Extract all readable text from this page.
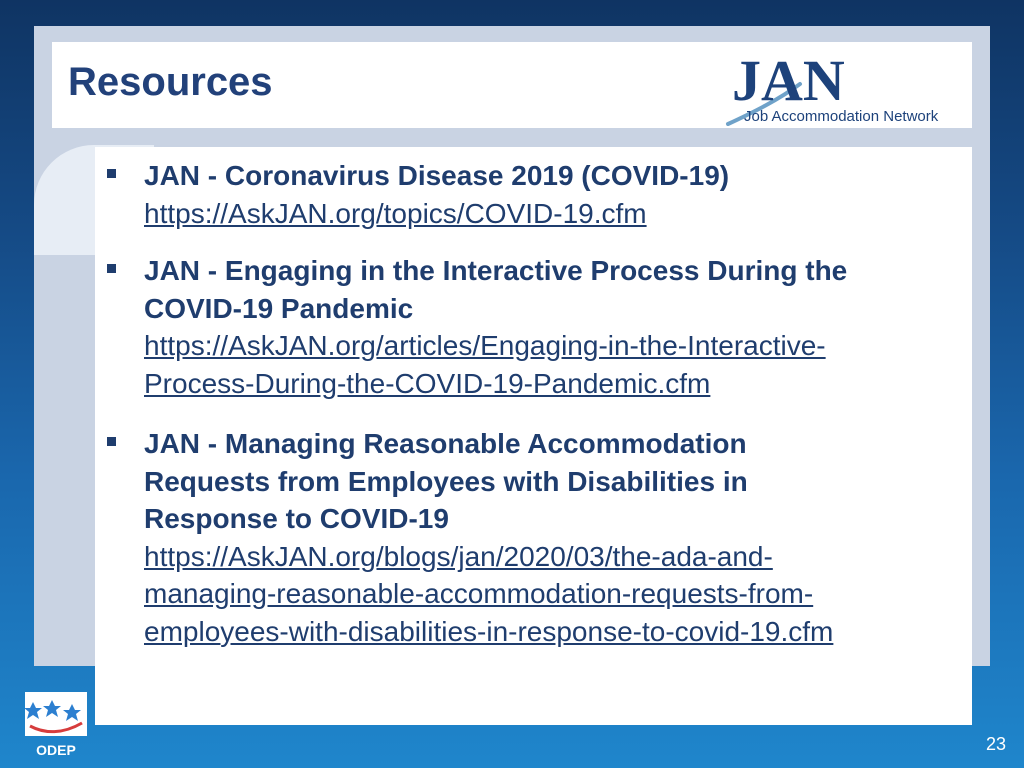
Resources	JAN
Job Accommodation Network
JAN - Coronavirus Disease 2019 (COVID-19)
https://AskJAN.org/topics/COVID-19.cfm
JAN - Engaging in the Interactive Process During the
COVID-19 Pandemic
https://AskJAN.org/articles/Engaging-in-the-Interactive-
Process-During-the-COVID-19-Pandemic.cfm
JAN - Managing Reasonable Accommodation
Requests from Employees with Disabilities in
Response to COVID-19
https://AskJAN.org/blogs/jan/2020/03/the-ada-and-
managing-reasonable-accommodation-requests-from-
employees-with-disabilities-in-response-to-covid-19.cfm
ODEP	23
